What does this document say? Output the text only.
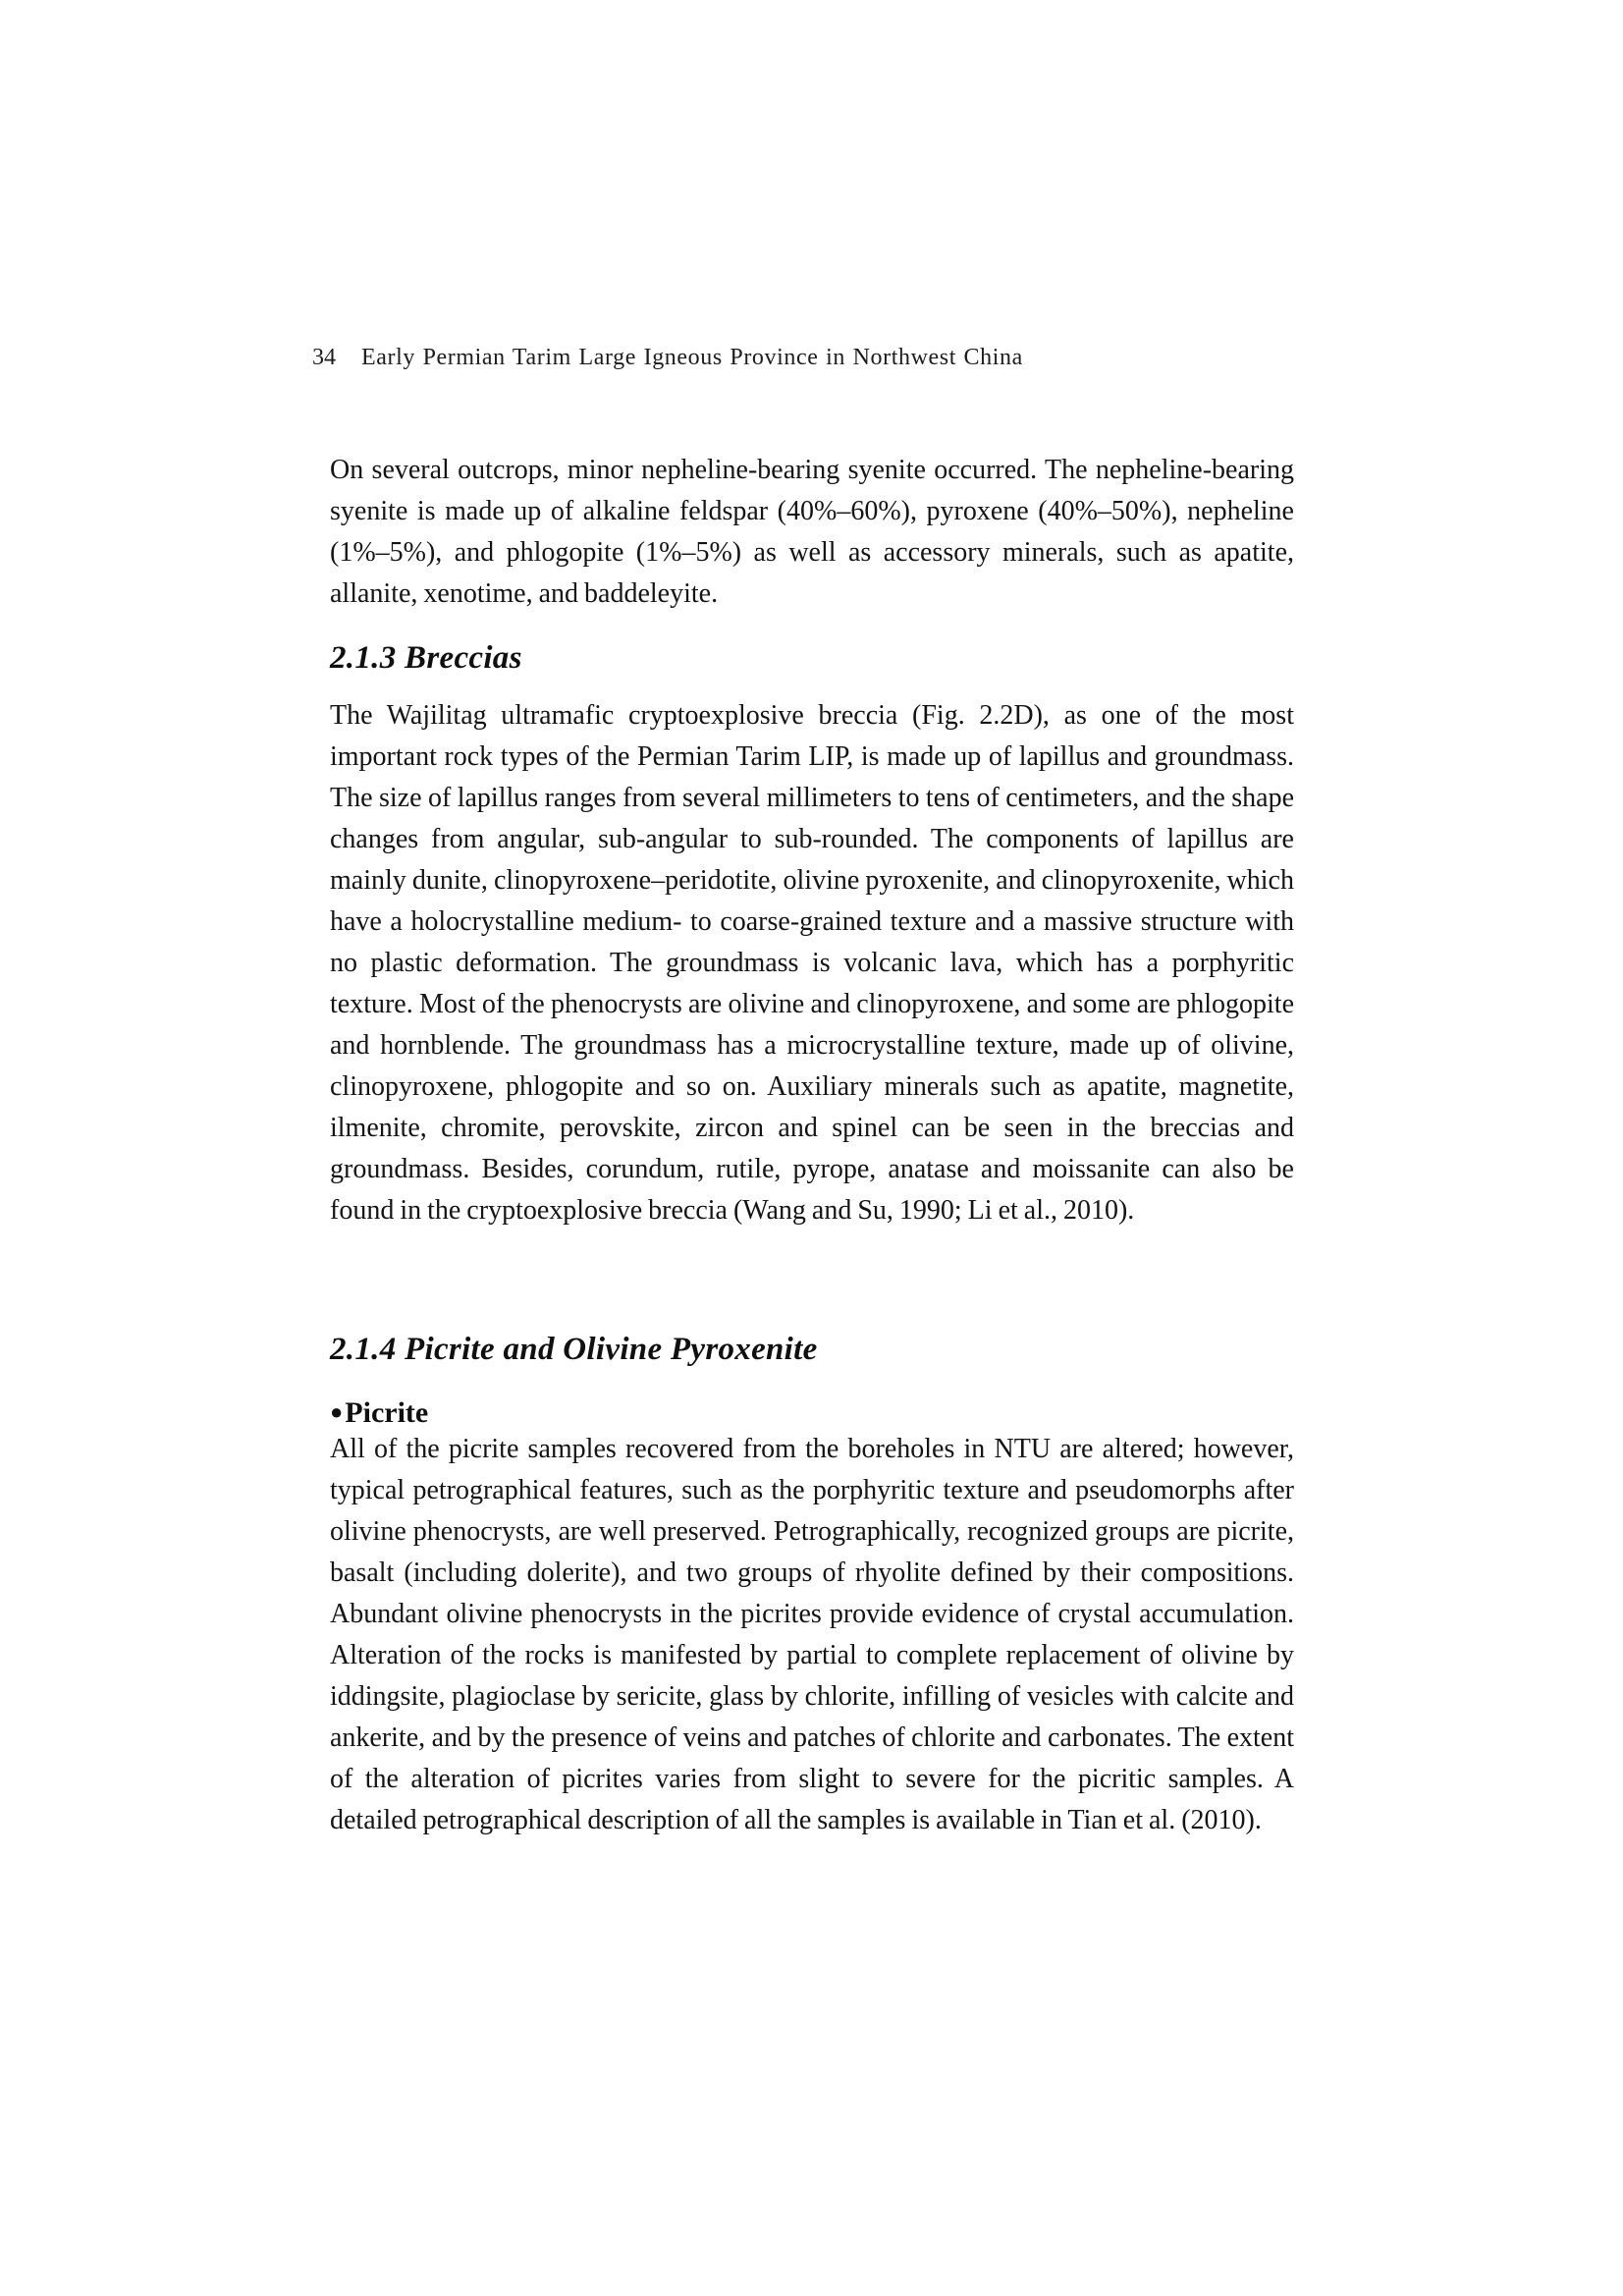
34 Early Permian Tarim Large Igneous Province in Northwest China

On several outcrops, minor nepheline-bearing syenite occurred. The nepheline-bearing syenite is made up of alkaline feldspar (40%–60%), pyroxene (40%–50%), nepheline (1%–5%), and phlogopite (1%–5%) as well as accessory minerals, such as apatite, allanite, xenotime, and baddeleyite.

2.1.3 Breccias

The Wajilitag ultramafic cryptoexplosive breccia (Fig. 2.2D), as one of the most important rock types of the Permian Tarim LIP, is made up of lapillus and groundmass. The size of lapillus ranges from several millimeters to tens of centimeters, and the shape changes from angular, sub-angular to sub-rounded. The components of lapillus are mainly dunite, clinopyroxene–peridotite, olivine pyroxenite, and clinopyroxenite, which have a holocrystalline medium- to coarse-grained texture and a massive structure with no plastic deformation. The groundmass is volcanic lava, which has a porphyritic texture. Most of the phenocrysts are olivine and clinopyroxene, and some are phlogopite and hornblende. The groundmass has a microcrystalline texture, made up of olivine, clinopyroxene, phlogopite and so on. Auxiliary minerals such as apatite, magnetite, ilmenite, chromite, perovskite, zircon and spinel can be seen in the breccias and groundmass. Besides, corundum, rutile, pyrope, anatase and moissanite can also be found in the cryptoexplosive breccia (Wang and Su, 1990; Li et al., 2010).

2.1.4 Picrite and Olivine Pyroxenite
●Picrite

All of the picrite samples recovered from the boreholes in NTU are altered; however, typical petrographical features, such as the porphyritic texture and pseudomorphs after olivine phenocrysts, are well preserved. Petrographically, recognized groups are picrite, basalt (including dolerite), and two groups of rhyolite defined by their compositions. Abundant olivine phenocrysts in the picrites provide evidence of crystal accumulation. Alteration of the rocks is manifested by partial to complete replacement of olivine by iddingsite, plagioclase by sericite, glass by chlorite, infilling of vesicles with calcite and ankerite, and by the presence of veins and patches of chlorite and carbonates. The extent of the alteration of picrites varies from slight to severe for the picritic samples. A detailed petrographical description of all the samples is available in Tian et al. (2010).
